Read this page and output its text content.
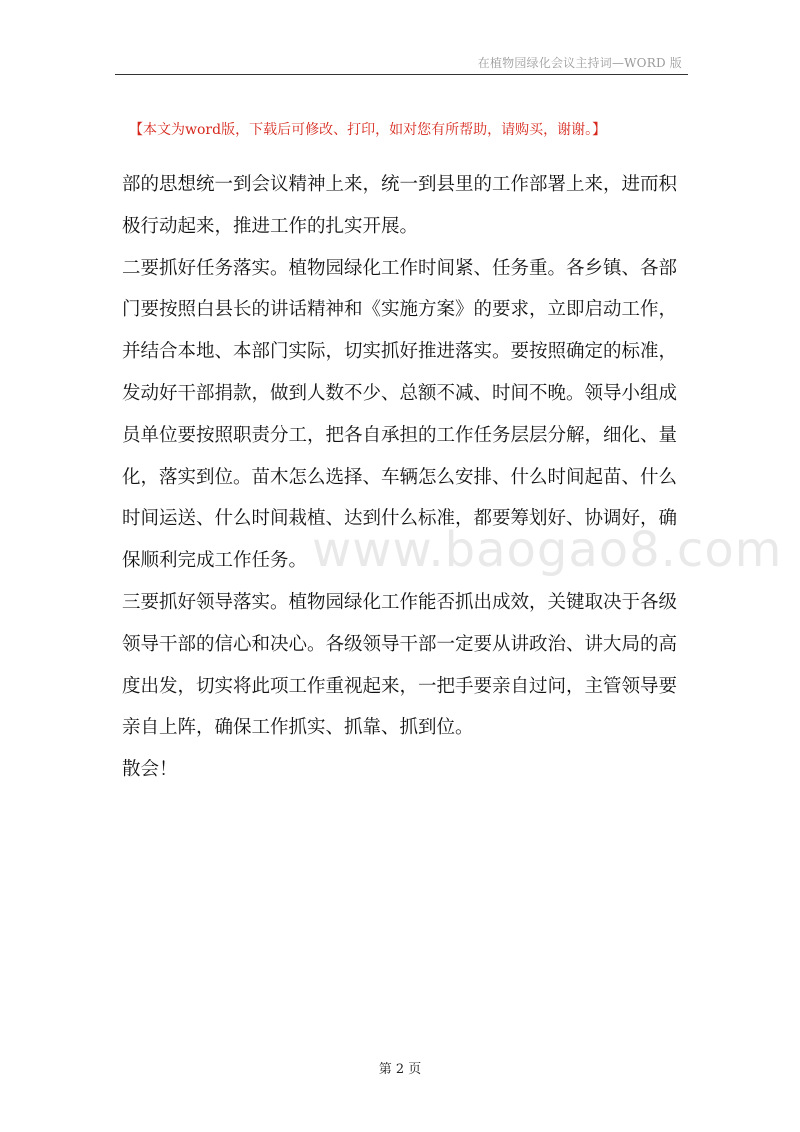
在植物园绿化会议主持词—WORD 版
【本文为word版，下载后可修改、打印，如对您有所帮助，请购买，谢谢。】

部的思想统一到会议精神上来，统一到县里的工作部署上来，进而积

极行动起来，推进工作的扎实开展。

二要抓好任务落实。植物园绿化工作时间紧、任务重。各乡镇、各部

门要按照白县长的讲话精神和《实施方案》的要求，立即启动工作，

并结合本地、本部门实际，切实抓好推进落实。要按照确定的标准，

发动好干部捐款，做到人数不少、总额不减、时间不晚。领导小组成

员单位要按照职责分工，把各自承担的工作任务层层分解，细化、量

化，落实到位。苗木怎么选择、车辆怎么安排、什么时间起苗、什么

时间运送、什么时间栽植、达到什么标准，都要筹划好、协调好，确

保顺利完成工作任务。

三要抓好领导落实。植物园绿化工作能否抓出成效，关键取决于各级

领导干部的信心和决心。各级领导干部一定要从讲政治、讲大局的高

度出发，切实将此项工作重视起来，一把手要亲自过问，主管领导要

亲自上阵，确保工作抓实、抓靠、抓到位。

散会！

www.baogao8.com
第 2 页
